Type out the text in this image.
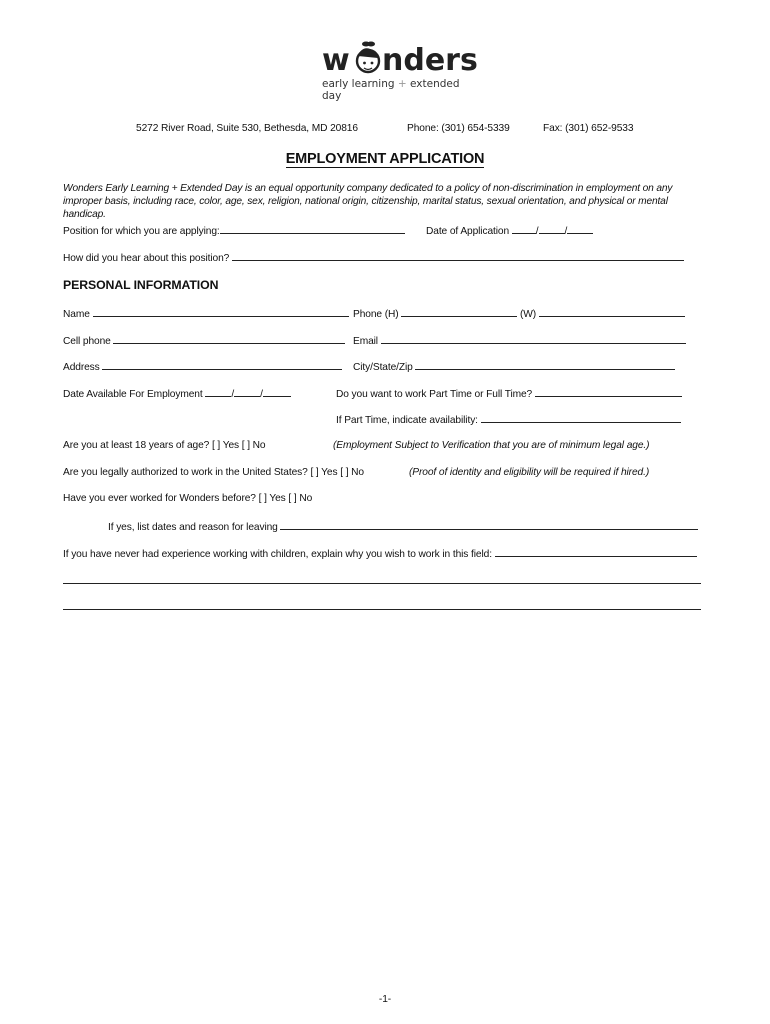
w nders
early learning + extended day
5272 River Road, Suite 530, Bethesda, MD 20816	Phone: (301) 654-5339	Fax: (301) 652-9533
EMPLOYMENT APPLICATION
Wonders Early Learning + Extended Day is an equal opportunity company dedicated to a policy of non-discrimination in employment on any improper basis, including race, color, age, sex, religion, national origin, citizenship, marital status, sexual orientation, and physical or mental handicap.
Position for which you are applying:	Date of Application	/	/
How did you hear about this position?
PERSONAL INFORMATION
Name	Phone (H)	(W)
Cell phone	Email
Address	City/State/Zip
Date Available For Employment	/	/	Do you want to work Part Time or Full Time?
If Part Time, indicate availability:
Are you at least 18 years of age? [ ] Yes [ ] No	(Employment Subject to Verification that you are of minimum legal age.)
Are you legally authorized to work in the United States? [ ] Yes [ ] No	(Proof of identity and eligibility will be required if hired.)
Have you ever worked for Wonders before? [ ] Yes [ ] No
If yes, list dates and reason for leaving
If you have never had experience working with children, explain why you wish to work in this field:
-1-
